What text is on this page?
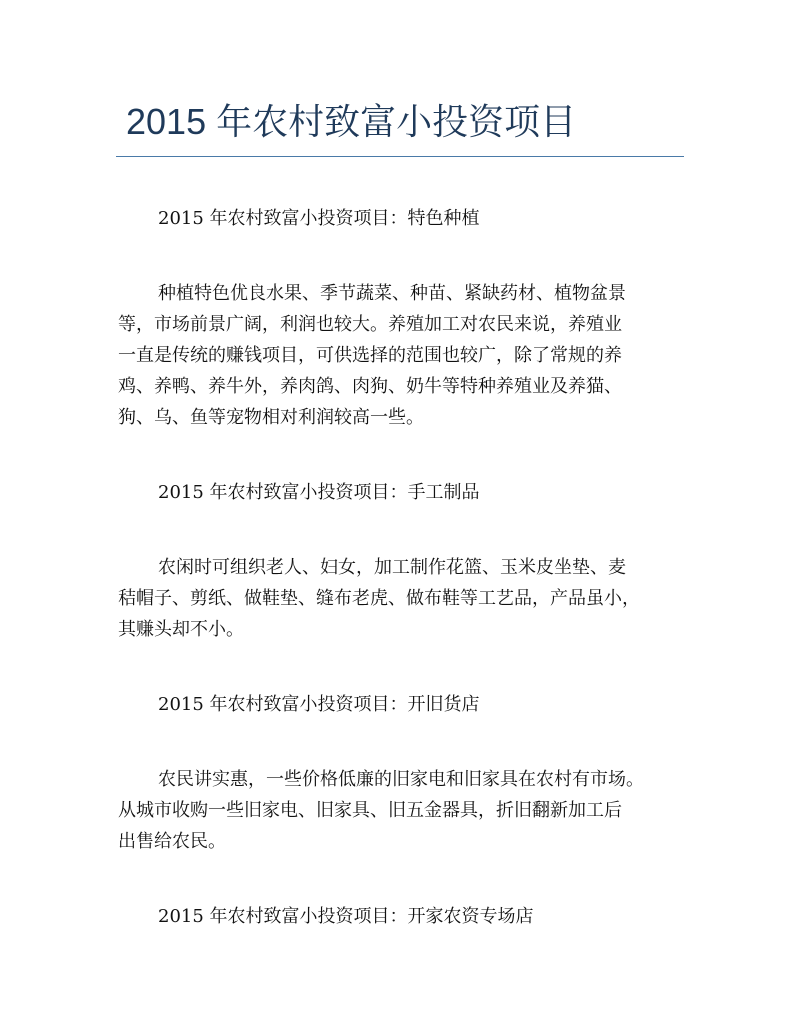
2015 年农村致富小投资项目

2015 年农村致富小投资项目：特色种植

种植特色优良水果、季节蔬菜、种苗、紧缺药材、植物盆景
等，市场前景广阔，利润也较大。养殖加工对农民来说，养殖业
一直是传统的赚钱项目，可供选择的范围也较广，除了常规的养
鸡、养鸭、养牛外，养肉鸽、肉狗、奶牛等特种养殖业及养猫、
狗、乌、鱼等宠物相对利润较高一些。

2015 年农村致富小投资项目：手工制品

农闲时可组织老人、妇女，加工制作花篮、玉米皮坐垫、麦
秸帽子、剪纸、做鞋垫、缝布老虎、做布鞋等工艺品，产品虽小，
其赚头却不小。

2015 年农村致富小投资项目：开旧货店

农民讲实惠，一些价格低廉的旧家电和旧家具在农村有市场。
从城市收购一些旧家电、旧家具、旧五金器具，折旧翻新加工后
出售给农民。

2015 年农村致富小投资项目：开家农资专场店
